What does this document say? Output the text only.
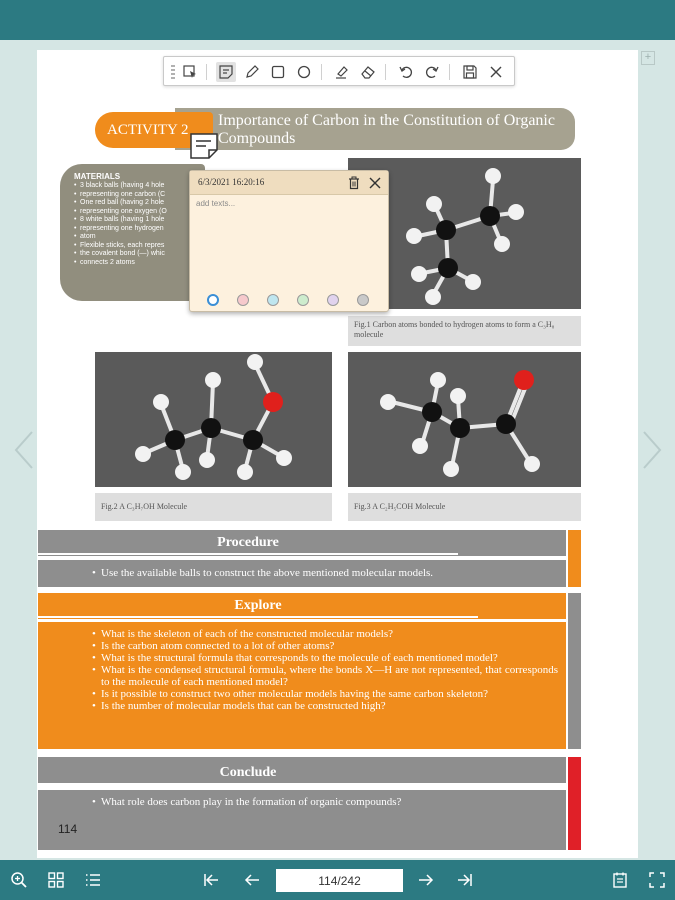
+
Importance of Carbon in the Constitution of Organic Compounds
ACTIVITY 2
MATERIALS
• 3 black balls (having 4 hole
• representing one carbon (C
• One red ball (having 2 hole
• representing one oxygen (O
• 8 white balls (having 1 hole
• representing one hydrogen
• atom
• Flexible sticks, each repres
• the covalent bond (—) whic
• connects 2 atoms
Fig.1 Carbon atoms bonded to hydrogen atoms to form a C₃H₈ molecule
Fig.2 A C₃H₇OH Molecule	Fig.3 A C₂H₅COH Molecule
Procedure
• Use the available balls to construct the above mentioned molecular models.
Explore
• What is the skeleton of each of the constructed molecular models?
• Is the carbon atom connected to a lot of other atoms?
• What is the structural formula that corresponds to the molecule of each mentioned model?
• What is the condensed structural formula, where the bonds X—H are not represented, that corresponds to the molecule of each mentioned model?
• Is it possible to construct two other molecular models having the same carbon skeleton?
• Is the number of molecular models that can be constructed high?
Conclude
• What role does carbon play in the formation of organic compounds?
114
6/3/2021 16:20:16
add texts...
114/242
